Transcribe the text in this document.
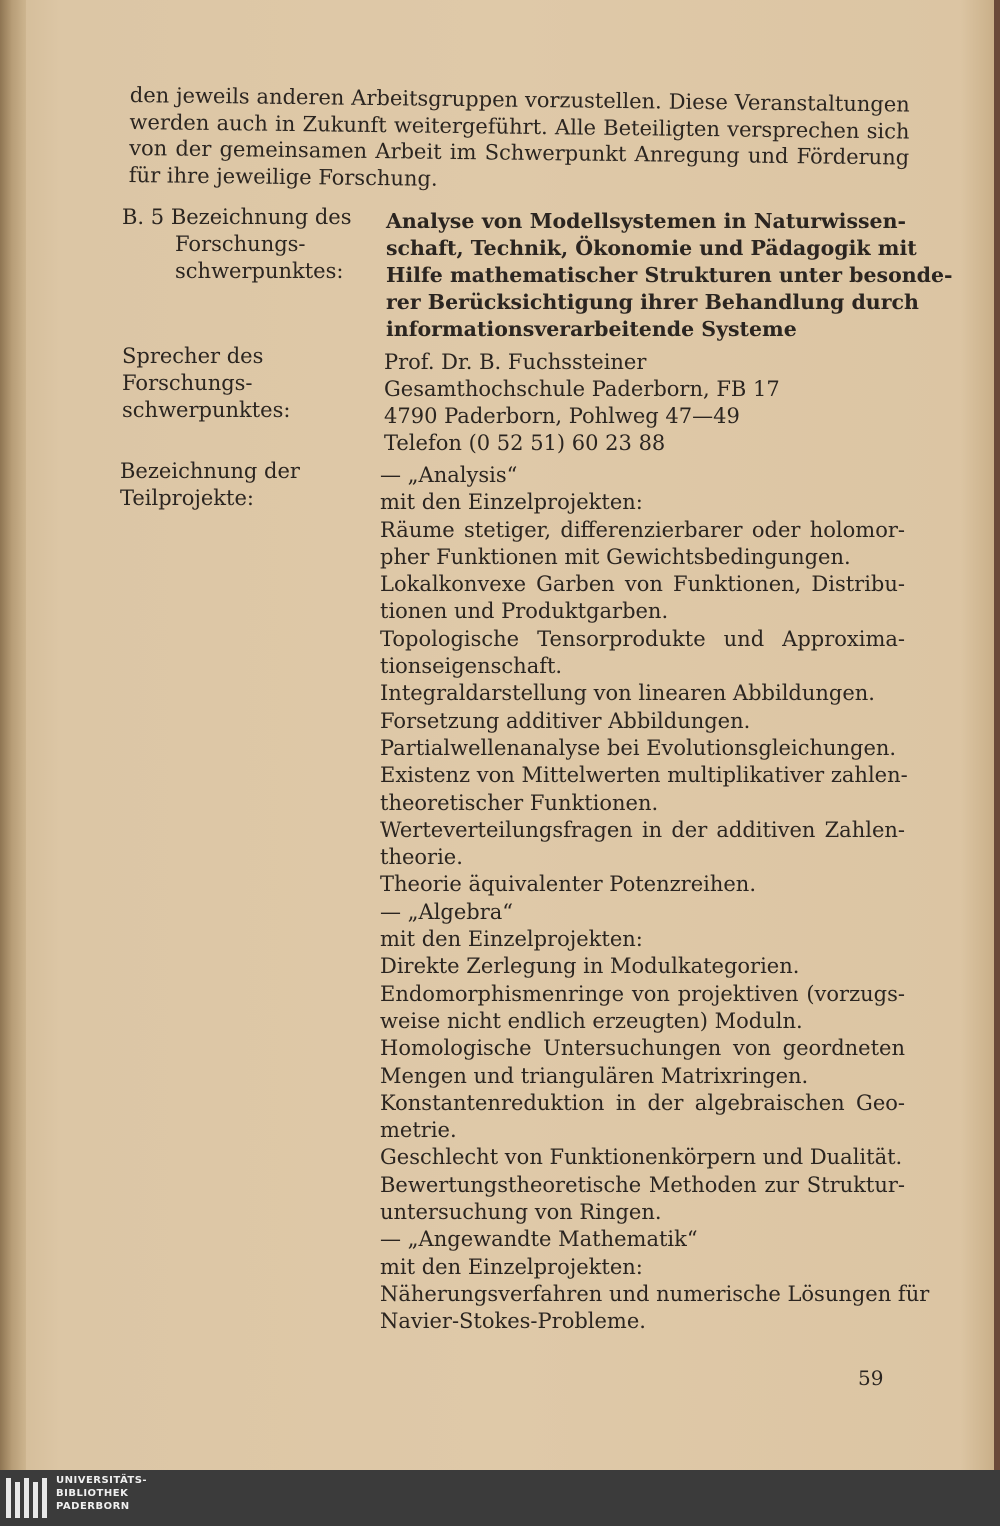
den jeweils anderen Arbeitsgruppen vorzustellen. Diese Veranstaltungen
werden auch in Zukunft weitergeführt. Alle Beteiligten versprechen sich
von der gemeinsamen Arbeit im Schwerpunkt Anregung und Förderung
für ihre jeweilige Forschung.
B. 5 Bezeichnung des
Forschungs-
schwerpunktes:
Analyse von Modellsystemen in Naturwissen-
schaft, Technik, Ökonomie und Pädagogik mit
Hilfe mathematischer Strukturen unter besonde-
rer Berücksichtigung ihrer Behandlung durch
informationsverarbeitende Systeme
Sprecher des
Forschungs-
schwerpunktes:
Prof. Dr. B. Fuchssteiner
Gesamthochschule Paderborn, FB 17
4790 Paderborn, Pohlweg 47—49
Telefon (0 52 51) 60 23 88
Bezeichnung der
Teilprojekte:
— „Analysis“
mit den Einzelprojekten:
Räume stetiger, differenzierbarer oder holomor-
pher Funktionen mit Gewichtsbedingungen.
Lokalkonvexe Garben von Funktionen, Distribu-
tionen und Produktgarben.
Topologische Tensorprodukte und Approxima-
tionseigenschaft.
Integraldarstellung von linearen Abbildungen.
Forsetzung additiver Abbildungen.
Partialwellenanalyse bei Evolutionsgleichungen.
Existenz von Mittelwerten multiplikativer zahlen-
theoretischer Funktionen.
Werteverteilungsfragen in der additiven Zahlen-
theorie.
Theorie äquivalenter Potenzreihen.
— „Algebra“
mit den Einzelprojekten:
Direkte Zerlegung in Modulkategorien.
Endomorphismenringe von projektiven (vorzugs-
weise nicht endlich erzeugten) Moduln.
Homologische Untersuchungen von geordneten
Mengen und triangulären Matrixringen.
Konstantenreduktion in der algebraischen Geo-
metrie.
Geschlecht von Funktionenkörpern und Dualität.
Bewertungstheoretische Methoden zur Struktur-
untersuchung von Ringen.
— „Angewandte Mathematik“
mit den Einzelprojekten:
Näherungsverfahren und numerische Lösungen für
Navier-Stokes-Probleme.
59
UNIVERSITÄTS-
BIBLIOTHEK
PADERBORN
